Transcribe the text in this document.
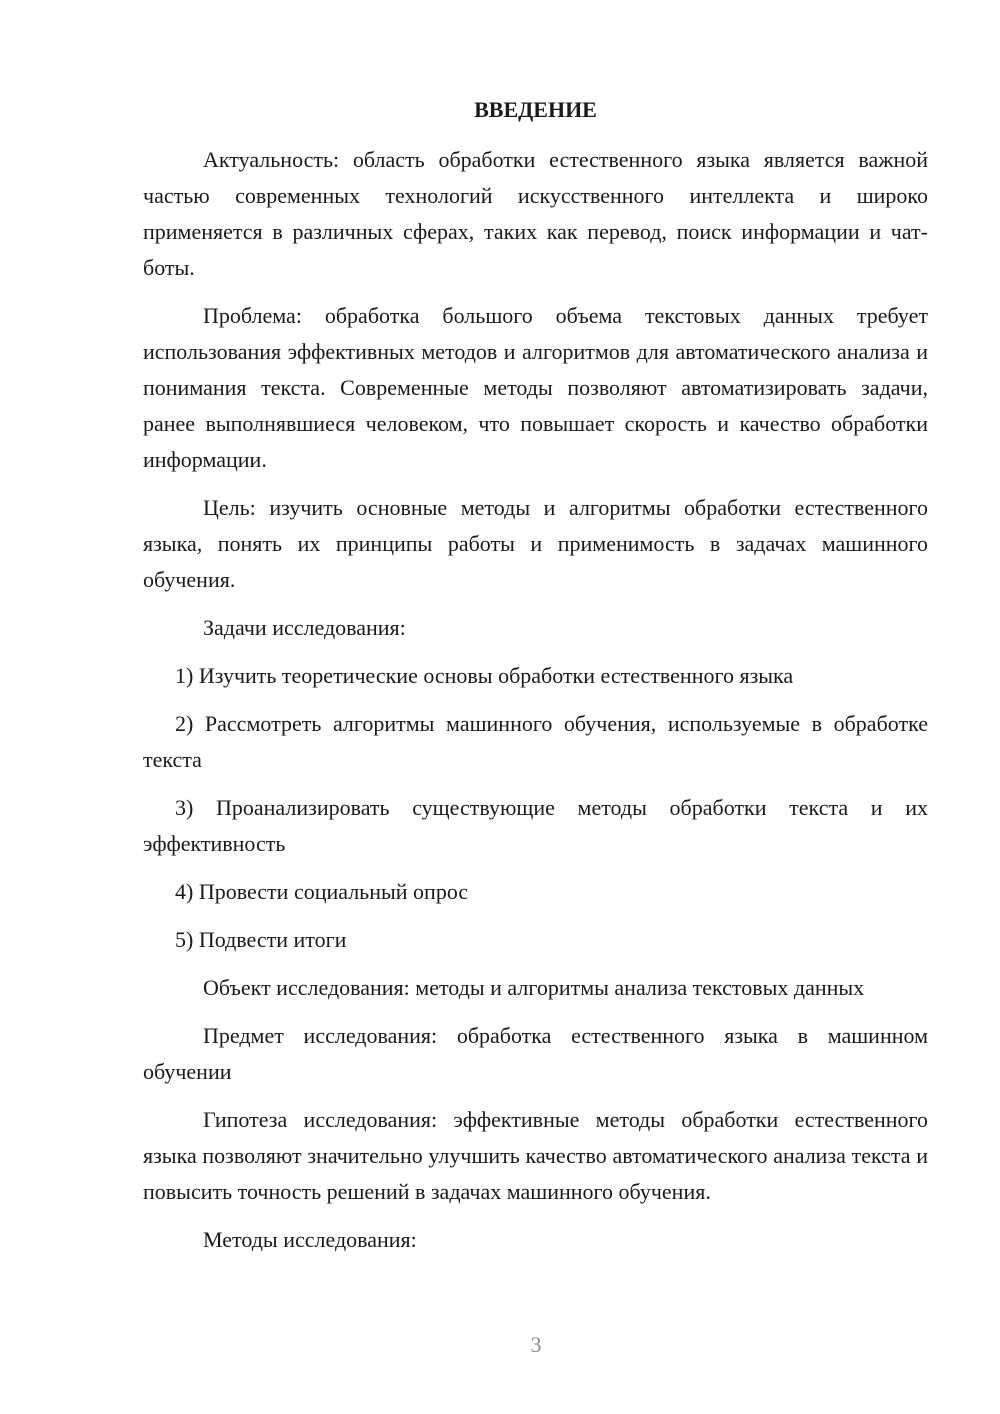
ВВЕДЕНИЕ

Актуальность: область обработки естественного языка является важной частью современных технологий искусственного интеллекта и широко применяется в различных сферах, таких как перевод, поиск информации и чат-боты.

Проблема: обработка большого объема текстовых данных требует использования эффективных методов и алгоритмов для автоматического анализа и понимания текста. Современные методы позволяют автоматизировать задачи, ранее выполнявшиеся человеком, что повышает скорость и качество обработки информации.

Цель: изучить основные методы и алгоритмы обработки естественного языка, понять их принципы работы и применимость в задачах машинного обучения.

Задачи исследования:

1) Изучить теоретические основы обработки естественного языка

2) Рассмотреть алгоритмы машинного обучения, используемые в обработке текста

3) Проанализировать существующие методы обработки текста и их эффективность

4) Провести социальный опрос

5) Подвести итоги

Объект исследования: методы и алгоритмы анализа текстовых данных

Предмет исследования: обработка естественного языка в машинном обучении

Гипотеза исследования: эффективные методы обработки естественного языка позволяют значительно улучшить качество автоматического анализа текста и повысить точность решений в задачах машинного обучения.

Методы исследования:

3
